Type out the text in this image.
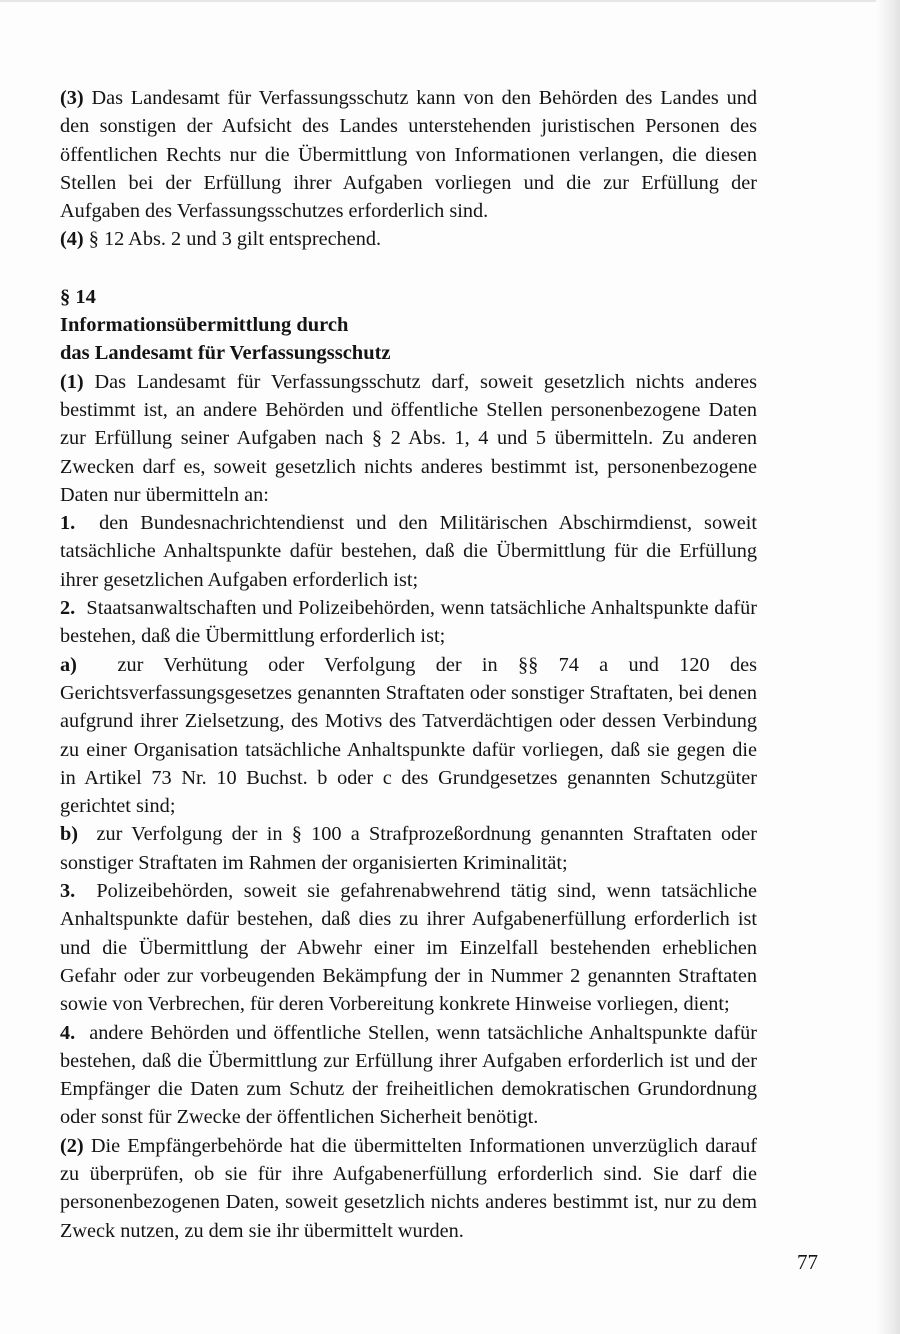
(3) Das Landesamt für Verfassungsschutz kann von den Behörden des Landes und den sonstigen der Aufsicht des Landes unterstehenden juristischen Personen des öffentlichen Rechts nur die Übermittlung von Informationen verlangen, die diesen Stellen bei der Erfüllung ihrer Aufgaben vorliegen und die zur Erfüllung der Aufgaben des Verfassungsschutzes erforderlich sind.

(4) § 12 Abs. 2 und 3 gilt entsprechend.

§ 14

Informationsübermittlung durch

das Landesamt für Verfassungsschutz

(1) Das Landesamt für Verfassungsschutz darf, soweit gesetzlich nichts anderes bestimmt ist, an andere Behörden und öffentliche Stellen personenbezogene Daten zur Erfüllung seiner Aufgaben nach § 2 Abs. 1, 4 und 5 übermitteln. Zu anderen Zwecken darf es, soweit gesetzlich nichts anderes bestimmt ist, personenbezogene Daten nur übermitteln an:

1. den Bundesnachrichtendienst und den Militärischen Abschirmdienst, soweit tatsächliche Anhaltspunkte dafür bestehen, daß die Übermittlung für die Erfüllung ihrer gesetzlichen Aufgaben erforderlich ist;

2. Staatsanwaltschaften und Polizeibehörden, wenn tatsächliche Anhaltspunkte dafür bestehen, daß die Übermittlung erforderlich ist;

a) zur Verhütung oder Verfolgung der in §§ 74 a und 120 des Gerichtsverfassungsgesetzes genannten Straftaten oder sonstiger Straftaten, bei denen aufgrund ihrer Zielsetzung, des Motivs des Tatverdächtigen oder dessen Verbindung zu einer Organisation tatsächliche Anhaltspunkte dafür vorliegen, daß sie gegen die in Artikel 73 Nr. 10 Buchst. b oder c des Grundgesetzes genannten Schutzgüter gerichtet sind;

b) zur Verfolgung der in § 100 a Strafprozeßordnung genannten Straftaten oder sonstiger Straftaten im Rahmen der organisierten Kriminalität;

3. Polizeibehörden, soweit sie gefahrenabwehrend tätig sind, wenn tatsächliche Anhaltspunkte dafür bestehen, daß dies zu ihrer Aufgabenerfüllung erforderlich ist und die Übermittlung der Abwehr einer im Einzelfall bestehenden erheblichen Gefahr oder zur vorbeugenden Bekämpfung der in Nummer 2 genannten Straftaten sowie von Verbrechen, für deren Vorbereitung konkrete Hinweise vorliegen, dient;

4. andere Behörden und öffentliche Stellen, wenn tatsächliche Anhaltspunkte dafür bestehen, daß die Übermittlung zur Erfüllung ihrer Aufgaben erforderlich ist und der Empfänger die Daten zum Schutz der freiheitlichen demokratischen Grundordnung oder sonst für Zwecke der öffentlichen Sicherheit benötigt.

(2) Die Empfängerbehörde hat die übermittelten Informationen unverzüglich darauf zu überprüfen, ob sie für ihre Aufgabenerfüllung erforderlich sind. Sie darf die personenbezogenen Daten, soweit gesetzlich nichts anderes bestimmt ist, nur zu dem Zweck nutzen, zu dem sie ihr übermittelt wurden.

77
